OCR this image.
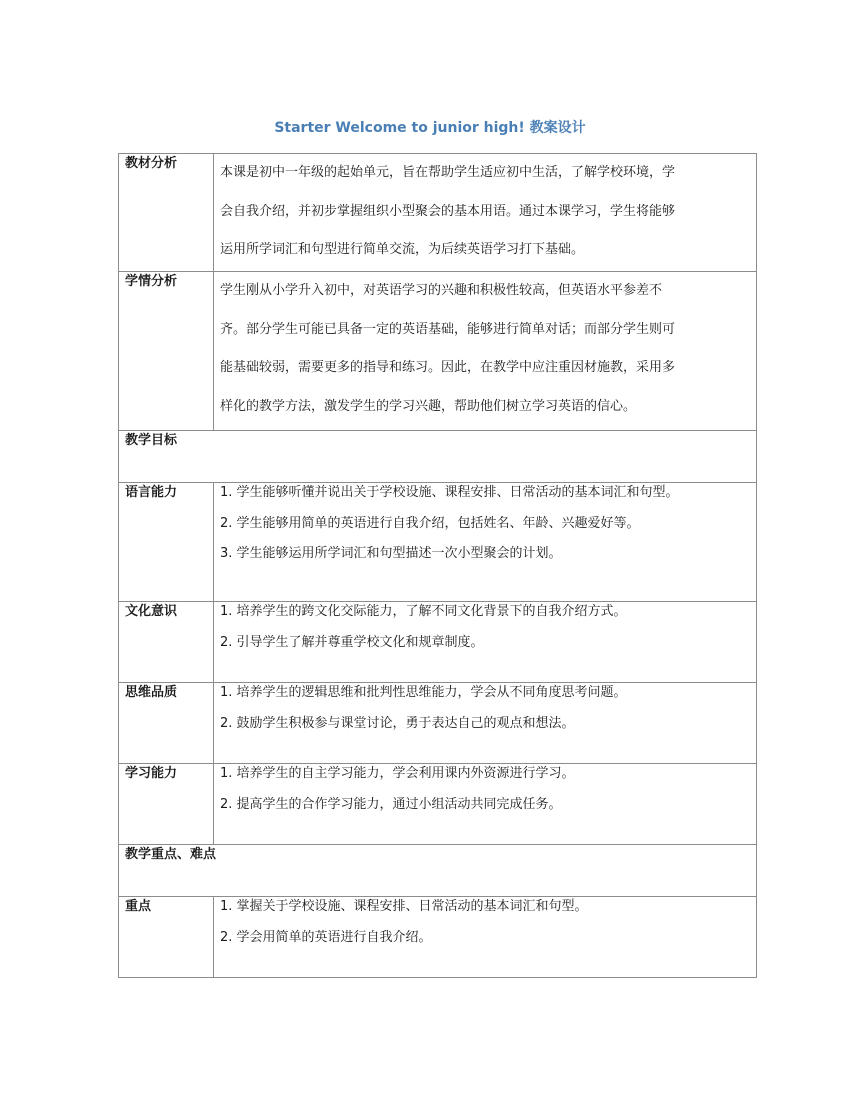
Starter Welcome to junior high! 教案设计
教材分析	本课是初中一年级的起始单元，旨在帮助学生适应初中生活，了解学校环境，学
会自我介绍，并初步掌握组织小型聚会的基本用语。通过本课学习，学生将能够
运用所学词汇和句型进行简单交流，为后续英语学习打下基础。

学情分析	学生刚从小学升入初中，对英语学习的兴趣和积极性较高，但英语水平参差不
齐。部分学生可能已具备一定的英语基础，能够进行简单对话；而部分学生则可
能基础较弱，需要更多的指导和练习。因此，在教学中应注重因材施教，采用多
样化的教学方法，激发学生的学习兴趣，帮助他们树立学习英语的信心。

教学目标	
语言能力	1. 学生能够听懂并说出关于学校设施、课程安排、日常活动的基本词汇和句型。
2. 学生能够用简单的英语进行自我介绍，包括姓名、年龄、兴趣爱好等。
3. 学生能够运用所学词汇和句型描述一次小型聚会的计划。

文化意识	1. 培养学生的跨文化交际能力，了解不同文化背景下的自我介绍方式。
2. 引导学生了解并尊重学校文化和规章制度。

思维品质	1. 培养学生的逻辑思维和批判性思维能力，学会从不同角度思考问题。
2. 鼓励学生积极参与课堂讨论，勇于表达自己的观点和想法。

学习能力	1. 培养学生的自主学习能力，学会利用课内外资源进行学习。
2. 提高学生的合作学习能力，通过小组活动共同完成任务。

教学重点、难点	
重点	1. 掌握关于学校设施、课程安排、日常活动的基本词汇和句型。
2. 学会用简单的英语进行自我介绍。
